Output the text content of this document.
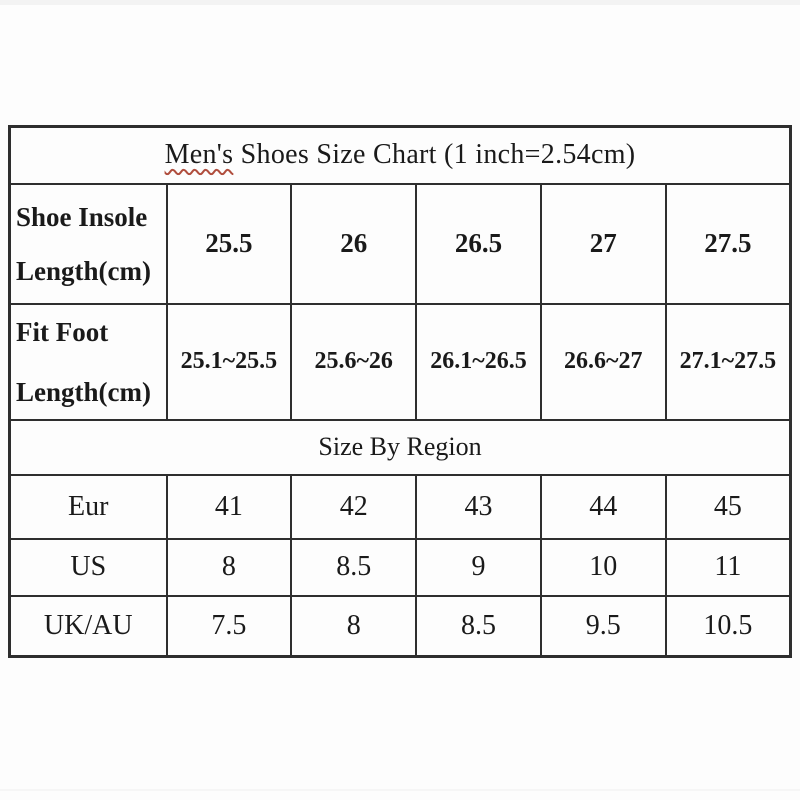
Men's Shoes Size Chart (1 inch=2.54cm)					

Shoe Insole
Length(cm)	25.5	26	26.5	27	27.5

Fit Foot
Length(cm)	25.1~25.5	25.6~26	26.1~26.5	26.6~27	27.1~27.5
Size By Region					
Eur	41	42	43	44	45
US	8	8.5	9	10	11
UK/AU	7.5	8	8.5	9.5	10.5
